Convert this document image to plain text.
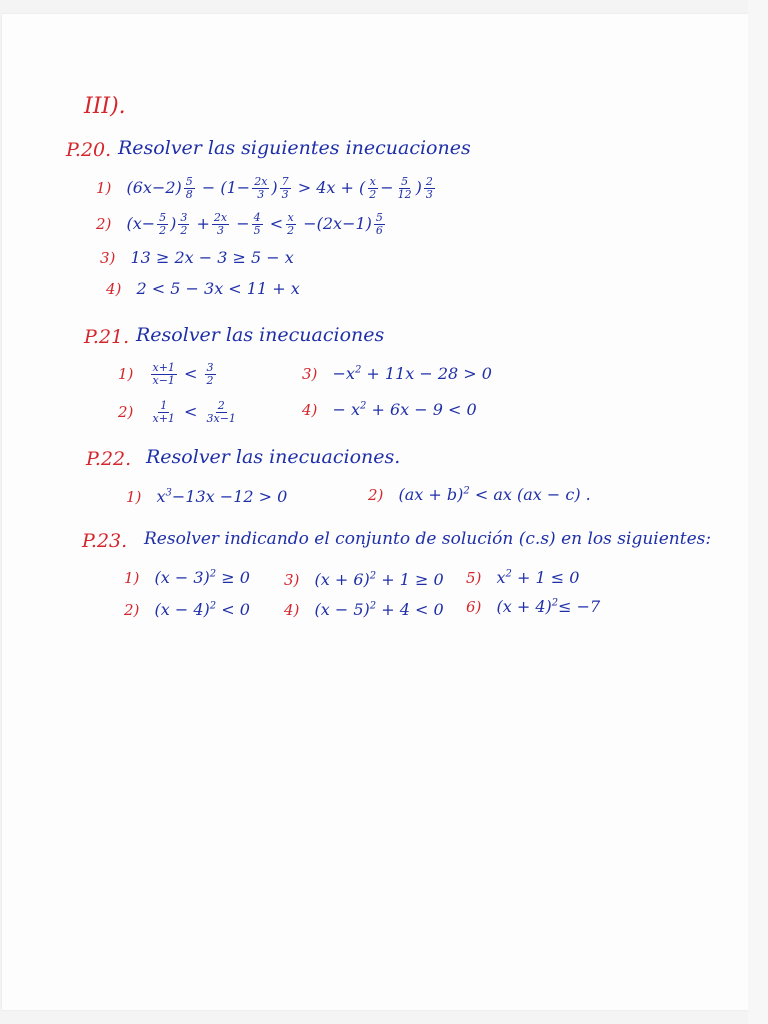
III).
P.20. Resolver las siguientes inecuaciones
1) $(6x-2) \frac{5}{8} - (1- \frac{2x}{3}$ ) $\frac{7}{3} > 4x$ + ( $\frac{x}{2} - \frac{5}{12}$ ) $\frac{2}{3}$
2) ($x- \frac{5}{2}$ ) $\frac{3}{2} + \frac{2x}{3} - \frac{4}{5} < \frac{x}{2} -(2x-1) \frac{5}{6}$
3) 13 ≥ 2x − 3 ≥ 5 − x
4) 2 < 5 − 3x < 11 + x
P.21. Resolver las inecuaciones
$1) \frac{x+1}{x-1} < \frac{3}{2}$
$2) \frac{1}{x+1} < \frac{2}{3x-1}$
$3) -x^2 + 11x - 28 > 0$
$4) - x^2 + 6x - 9 < 0$
P.22. Resolver las inecuaciones.
1) $x^3-13x -12 > 0$	2) (ax + b)$^2$ < ax (ax − c) .
P.23. Resolver indicando el conjunto de solución (c.s) en los siguientes:
1) $(x - 3)^2 \ge 0$
2) $(x - 4)^2 < 0$
3) $(x + 6)^2 + 1 \ge 0$
4) $(x - 5)^2 + 4 < 0$
5) $x^2 + 1 \le 0$
6) $(x + 4)^2\le -7$
